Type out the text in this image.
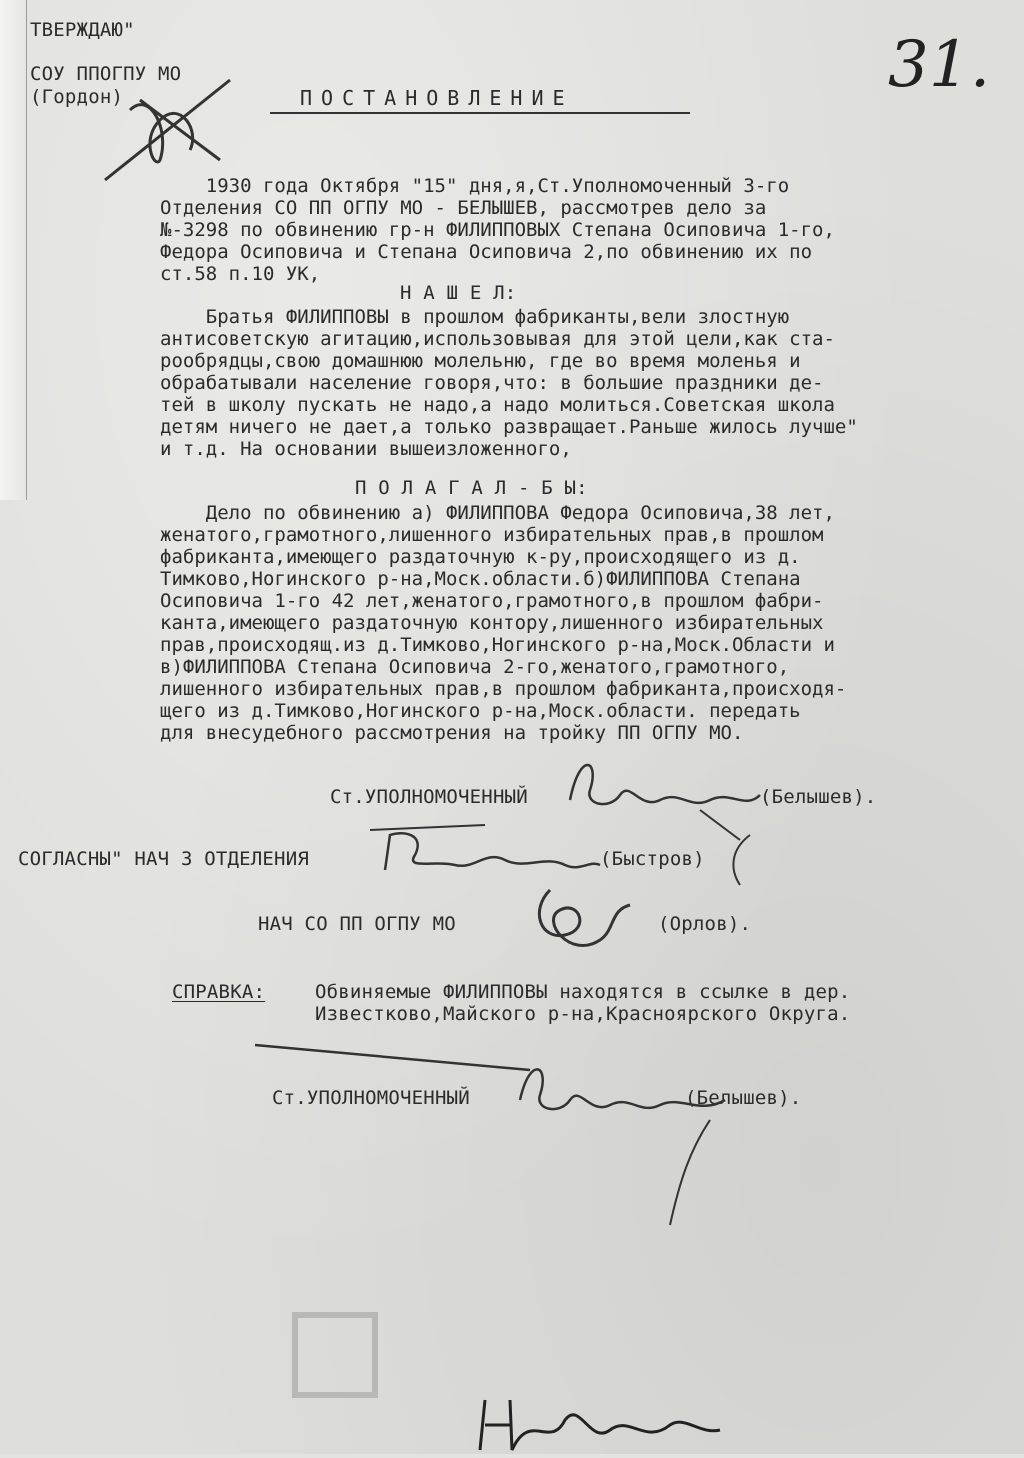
ТВЕРЖДАЮ"
СОУ ППОГПУ МО
(Гордон)	31.
ПОСТАНОВЛЕНИЕ
1930 года Октября "15" дня,я,Ст.Уполномоченный 3-го
Отделения СО ПП ОГПУ МО - БЕЛЫШЕВ, рассмотрев дело за
№-3298 по обвинению гр-н ФИЛИППОВЫХ Степана Осиповича 1-го,
Федора Осиповича и Степана Осиповича 2,по обвинению их по
ст.58 п.10 УК,
Н А Ш Е Л:
Братья ФИЛИППОВЫ в прошлом фабриканты,вели злостную
антисоветскую агитацию,использовывая для этой цели,как ста-
рообрядцы,свою домашнюю молельню, где во время моленья и
обрабатывали население говоря,что: в большие праздники де-
тей в школу пускать не надо,а надо молиться.Советская школа
детям ничего не дает,а только развращает.Раньше жилось лучше"
и т.д. На основании вышеизложенного,
П О Л А Г А Л - Б Ы:
Дело по обвинению а) ФИЛИППОВА Федора Осиповича,38 лет,
женатого,грамотного,лишенного избирательных прав,в прошлом
фабриканта,имеющего раздаточную к-ру,происходящего из д.
Тимково,Ногинского р-на,Моск.области.б)ФИЛИППОВА Степана
Осиповича 1-го 42 лет,женатого,грамотного,в прошлом фабри-
канта,имеющего раздаточную контору,лишенного избирательных
прав,происходящ.из д.Тимково,Ногинского р-на,Моск.Области и
в)ФИЛИППОВА Степана Осиповича 2-го,женатого,грамотного,
лишенного избирательных прав,в прошлом фабриканта,происходя-
щего из д.Тимково,Ногинского р-на,Моск.области. передать
для внесудебного рассмотрения на тройку ПП ОГПУ МО.
Ст.УПОЛНОМОЧЕННЫЙ	(Белышев).
СОГЛАСНЫ" НАЧ 3 ОТДЕЛЕНИЯ	(Быстров)
НАЧ СО ПП ОГПУ МО	(Орлов).
СПРАВКА:	Обвиняемые ФИЛИППОВЫ находятся в ссылке в дер.
Известково,Майского р-на,Красноярского Округа.
Ст.УПОЛНОМОЧЕННЫЙ	(Белышев).
